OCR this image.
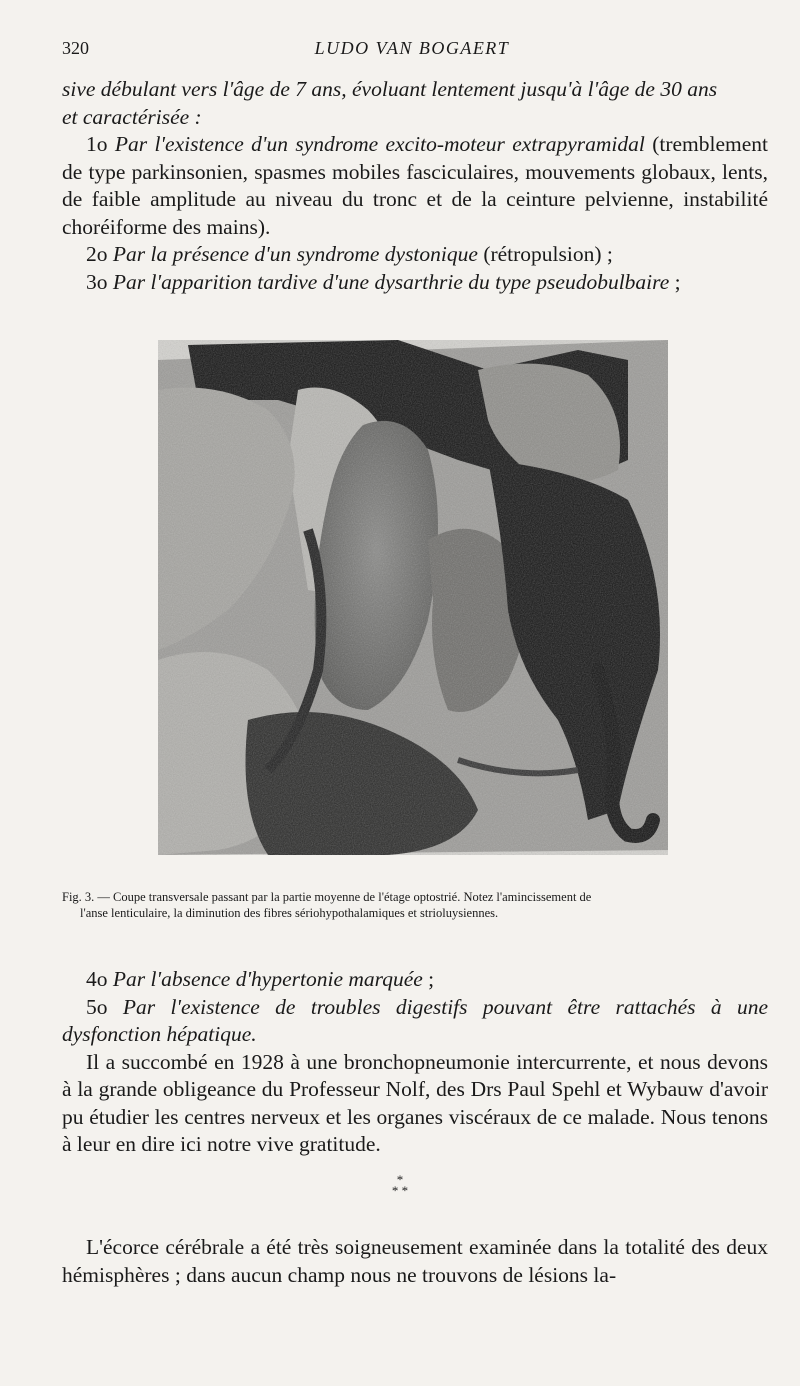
320	LUDO VAN BOGAERT

sive débulant vers l'âge de 7 ans, évoluant lentement jusqu'à l'âge de 30 ans

et caractérisée :

1o Par l'existence d'un syndrome excito-moteur extrapyramidal (tremblement de type parkinsonien, spasmes mobiles fasciculaires, mouvements globaux, lents, de faible amplitude au niveau du tronc et de la ceinture pelvienne, instabilité choréiforme des mains).

2o Par la présence d'un syndrome dystonique (rétropulsion) ;

3o Par l'apparition tardive d'une dysarthrie du type pseudobulbaire ;

Fig. 3. — Coupe transversale passant par la partie moyenne de l'étage optostrié. Notez l'amincissement de
l'anse lenticulaire, la diminution des fibres sériohypothalamiques et strioluysiennes.

4o Par l'absence d'hypertonie marquée ;

5o Par l'existence de troubles digestifs pouvant être rattachés à une dysfonction hépatique.

Il a succombé en 1928 à une bronchopneumonie intercurrente, et nous devons à la grande obligeance du Professeur Nolf, des Drs Paul Spehl et Wybauw d'avoir pu étudier les centres nerveux et les organes viscéraux de ce malade. Nous tenons à leur en dire ici notre vive gratitude.

*
* *

L'écorce cérébrale a été très soigneusement examinée dans la totalité des deux hémisphères ; dans aucun champ nous ne trouvons de lésions la-
